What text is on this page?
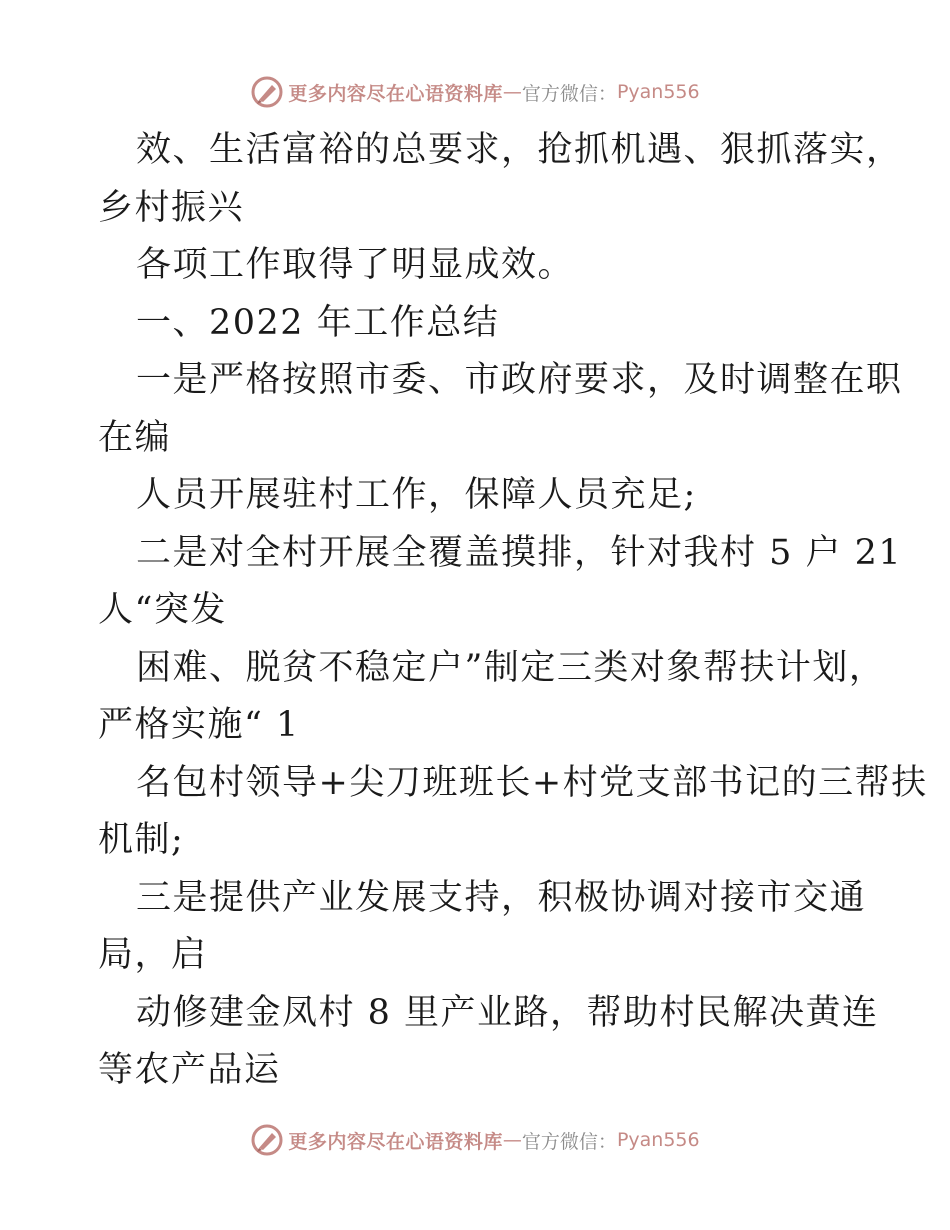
更多内容尽在心语资料库 — 官方微信： Pyan556
效、生活富裕的总要求，抢抓机遇、狠抓落实，
乡村振兴
各项工作取得了明显成效。
一、2022 年工作总结
一是严格按照市委、市政府要求，及时调整在职
在编
人员开展驻村工作，保障人员充足;
二是对全村开展全覆盖摸排，针对我村 5 户 21
人“突发
困难、脱贫不稳定户”制定三类对象帮扶计划，
严格实施“ 1
名包村领导+尖刀班班长+村党支部书记的三帮扶
机制;
三是提供产业发展支持，积极协调对接市交通
局，启
动修建金凤村 8 里产业路，帮助村民解决黄连
等农产品运
更多内容尽在心语资料库 — 官方微信： Pyan556
